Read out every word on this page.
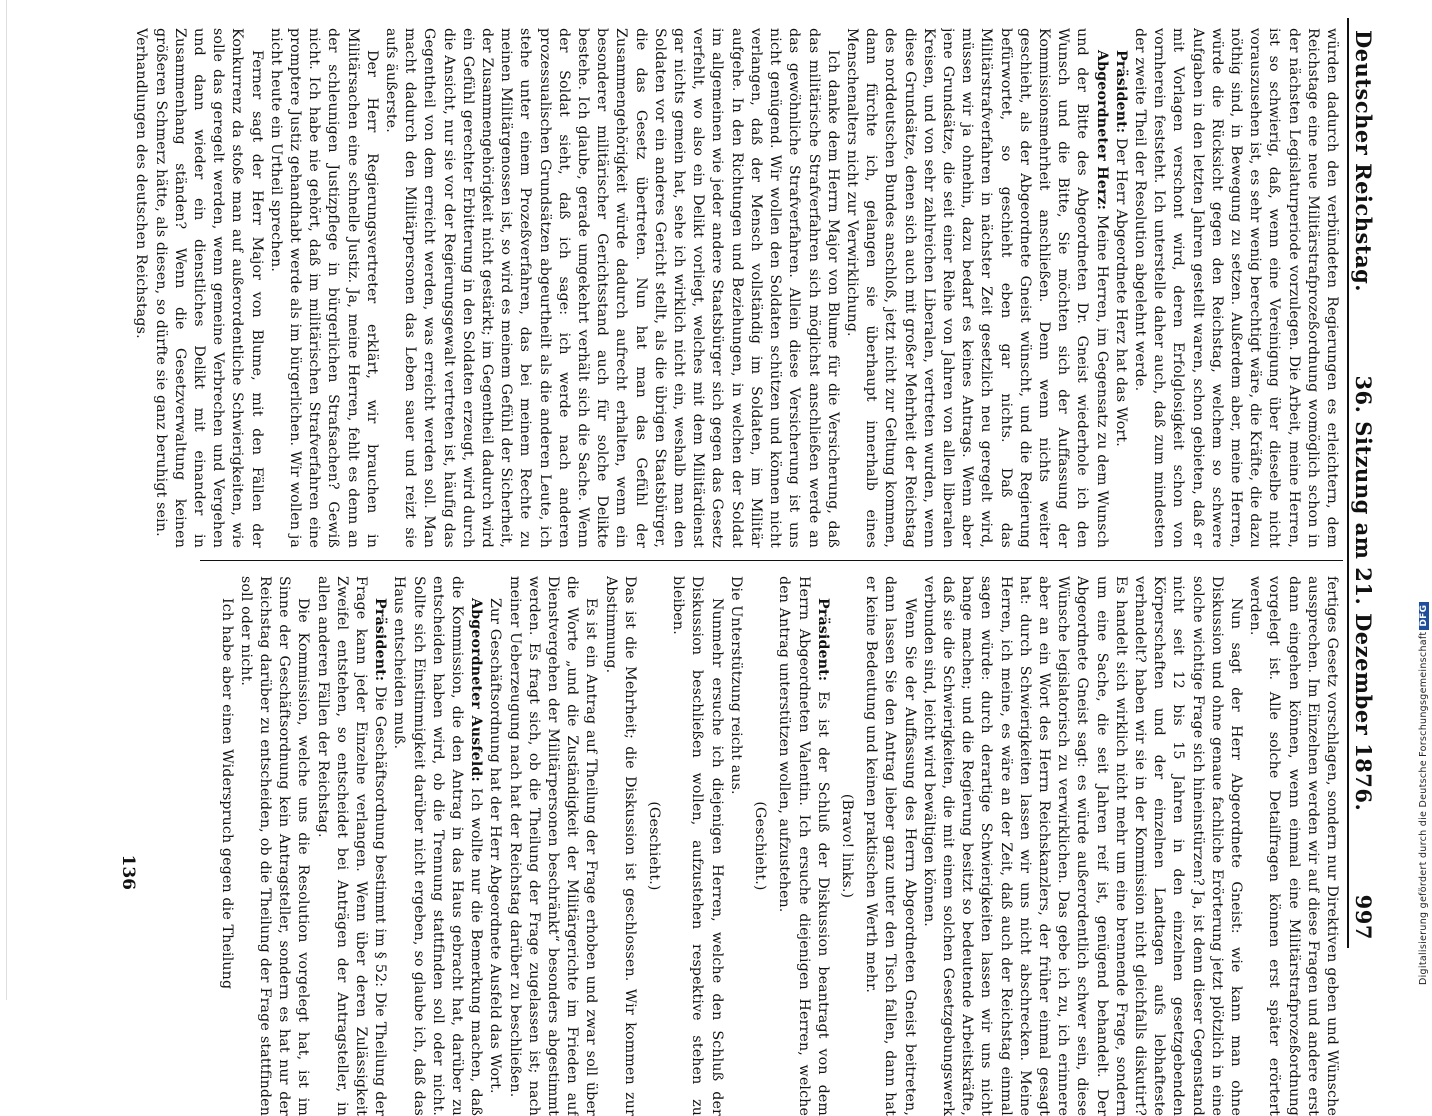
Deutscher Reichstag.
36. Sitzung am 21. Dezember 1876.
997

würden dadurch den verbündeten Regierungen es erleichtern, dem Reichstage eine neue Militärstrafprozeßordnung womöglich schon in der nächsten Legislaturperiode vorzulegen. Die Arbeit, meine Herren, ist so schwierig, daß, wenn eine Vereinigung über dieselbe nicht vorauszusehen ist, es sehr wenig berechtigt wäre, die Kräfte, die dazu nöthig sind, in Bewegung zu setzen. Außerdem aber, meine Herren, würde die Rücksicht gegen den Reichstag, welchem so schwere Aufgaben in den letzten Jahren gestellt waren, schon gebieten, daß er mit Vorlagen verschont wird, deren Erfolglosigkeit schon von vornherein feststeht. Ich unterstelle daher auch, daß zum mindesten der zweite Theil der Resolution abgelehnt werde.

Präsident: Der Herr Abgeordnete Herz hat das Wort.

Abgeordneter Herz: Meine Herren, im Gegensatz zu dem Wunsch und der Bitte des Abgeordneten Dr. Gneist wiederhole ich den Wunsch und die Bitte, Sie möchten sich der Auffassung der Kommissionsmehrheit anschließen. Denn wenn nichts weiter geschieht, als der Abgeordnete Gneist wünscht, und die Regierung befürwortet, so geschieht eben gar nichts. Daß das Militärstrafverfahren in nächster Zeit gesetzlich neu geregelt wird, müssen wir ja ohnehin, dazu bedarf es keines Antrags. Wenn aber jene Grundsätze, die seit einer Reihe von Jahren von allen liberalen Kreisen, und von sehr zahlreichen Liberalen, vertreten wurden, wenn diese Grundsätze, denen sich auch mit großer Mehrheit der Reichstag des norddeutschen Bundes anschloß, jetzt nicht zur Geltung kommen, dann fürchte ich, gelangen sie überhaupt innerhalb eines Menschenalters nicht zur Verwirklichung.

Ich danke dem Herrn Major von Blume für die Versicherung, daß das militärische Strafverfahren sich möglichst anschließen werde an das gewöhnliche Strafverfahren. Allein diese Versicherung ist uns nicht genügend. Wir wollen den Soldaten schützen und können nicht verlangen, daß der Mensch vollständig im Soldaten, im Militär aufgehe. In den Richtungen und Beziehungen, in welchen der Soldat im allgemeinen wie jeder andere Staatsbürger sich gegen das Gesetz verfehlt, wo also ein Delikt vorliegt, welches mit dem Militärdienst gar nichts gemein hat, sehe ich wirklich nicht ein, weshalb man den Soldaten vor ein anderes Gericht stellt, als die übrigen Staatsbürger, die das Gesetz übertreten. Nun hat man das Gefühl der Zusammengehörigkeit würde dadurch aufrecht erhalten, wenn ein besonderer militärischer Gerichtsstand auch für solche Delikte bestehe. Ich glaube, gerade umgekehrt verhält sich die Sache. Wenn der Soldat sieht, daß ich sage: ich werde nach anderen prozessualischen Grundsätzen abgeurtheilt als die anderen Leute, ich stehe unter einem Prozeßverfahren, das bei meinem Rechte zu meinen Militärgenossen ist, so wird es meinem Gefühl der Sicherheit, der Zusammengehörigkeit nicht gestärkt; im Gegentheil dadurch wird ein Gefühl gerechter Erbitterung in den Soldaten erzeugt, wird durch die Ansicht, nur sie vor der Regierungsgewalt vertreten ist, häufig das Gegentheil von dem erreicht werden, was erreicht werden soll. Man macht dadurch den Militärpersonen das Leben sauer und reizt sie aufs äußerste.

Der Herr Regierungsvertreter erklärt, wir brauchen in Militärsachen eine schnelle Justiz. Ja, meine Herren, fehlt es denn an der schleunigen Justizpflege in bürgerlichen Strafsachen? Gewiß nicht. Ich habe nie gehört, daß im militärischen Strafverfahren eine promptere Justiz gehandhabt werde als im bürgerlichen. Wir wollen ja nicht heute ein Urtheil sprechen.

Ferner sagt der Herr Major von Blume, mit den Fällen der Konkurrenz da stoße man auf außerordentliche Schwierigkeiten, wie solle das geregelt werden, wenn gemeine Verbrechen und Vergehen und dann wieder ein dienstliches Delikt mit einander in Zusammenhang ständen? Wenn die Gesetzverwaltung keinen größeren Schmerz hätte, als diesen, so dürfte sie ganz beruhigt sein.

Verhandlungen des deutschen Reichstags.

fertiges Gesetz vorschlagen, sondern nur Direktiven geben und Wünsche aussprechen. Im Einzelnen werden wir auf diese Fragen und andere erst dann eingehen können, wenn einmal eine Militärstrafprozeßordnung vorgelegt ist. Alle solche Detailfragen können erst später erörtert werden.

Nun sagt der Herr Abgeordnete Gneist: wie kann man ohne Diskussion und ohne genaue fachliche Erörterung jetzt plötzlich in eine solche wichtige Frage sich hineinstürzen? Ja, ist denn dieser Gegenstand nicht seit 12 bis 15 Jahren in den einzelnen gesetzgebenden Körperschaften und der einzelnen Landtagen aufs lebhafteste verhandelt? haben wir sie in der Kommission nicht gleichfalls diskutirt? Es handelt sich wirklich nicht mehr um eine brennende Frage, sondern um eine Sache, die seit Jahren reif ist, genügend behandelt. Der Abgeordnete Gneist sagt: es würde außerordentlich schwer sein, diese Wünsche legislatorisch zu verwirklichen. Das gebe ich zu, ich erinnere aber an ein Wort des Herrn Reichskanzlers, der früher einmal gesagt hat: durch Schwierigkeiten lassen wir uns nicht abschrecken. Meine Herren, ich meine, es wäre an der Zeit, daß auch der Reichstag einmal sagen würde: durch derartige Schwierigkeiten lassen wir uns nicht bange machen; und die Regierung besitzt so bedeutende Arbeitskräfte, daß sie die Schwierigkeiten, die mit einem solchen Gesetzgebungswerk verbunden sind, leicht wird bewältigen können.

Wenn Sie der Auffassung des Herrn Abgeordneten Gneist beitreten, dann lassen Sie den Antrag lieber ganz unter den Tisch fallen, dann hat er keine Bedeutung und keinen praktischen Werth mehr.

(Bravo! links.)

Präsident: Es ist der Schluß der Diskussion beantragt von dem Herrn Abgeordneten Valentin. Ich ersuche diejenigen Herren, welche den Antrag unterstützen wollen, aufzustehen.

(Geschieht.)

Die Unterstützung reicht aus.

Nunmehr ersuche ich diejenigen Herren, welche den Schluß der Diskussion beschließen wollen, aufzustehen respektive stehen zu bleiben.

(Geschieht.)

Das ist die Mehrheit; die Diskussion ist geschlossen. Wir kommen zur Abstimmung.

Es ist ein Antrag auf Theilung der Frage erhoben und zwar soll über die Worte „und die Zuständigkeit der Militärgerichte im Frieden auf Dienstvergehen der Militärpersonen beschränkt“ besonders abgestimmt werden. Es fragt sich, ob die Theilung der Frage zugelassen ist; nach meiner Ueberzeugung nach hat der Reichstag darüber zu beschließen.

Zur Geschäftsordnung hat der Herr Abgeordnete Ausfeld das Wort.

Abgeordneter Ausfeld: Ich wollte nur die Bemerkung machen, daß die Kommission, die den Antrag in das Haus gebracht hat, darüber zu entscheiden haben wird, ob die Trennung stattfinden soll oder nicht. Sollte sich Einstimmigkeit darüber nicht ergeben, so glaube ich, daß das Haus entscheiden muß.

Präsident: Die Geschäftsordnung bestimmt im § 52: Die Theilung der Frage kann jeder Einzelne verlangen. Wenn über deren Zulässigkeit Zweifel entstehen, so entscheidet bei Anträgen der Antragsteller, in allen anderen Fällen der Reichstag.

Die Kommission, welche uns die Resolution vorgelegt hat, ist im Sinne der Geschäftsordnung kein Antragsteller, sondern es hat nur der Reichstag darüber zu entscheiden, ob die Theilung der Frage stattfinden soll oder nicht.

Ich habe aber einen Widerspruch gegen die Theilung

136	Digitalisierung gefördert durch die Deutsche ForschungsgemeinschaftDFG
